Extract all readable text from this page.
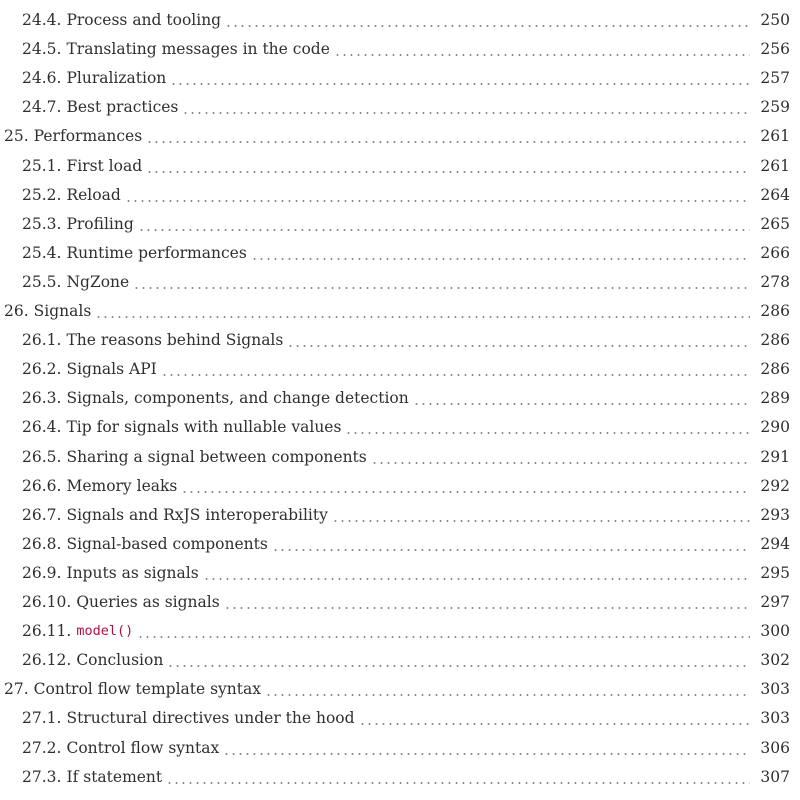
24.4. Process and tooling	250
24.5. Translating messages in the code	256
24.6. Pluralization	257
24.7. Best practices	259
25. Performances	261
25.1. First load	261
25.2. Reload	264
25.3. Profiling	265
25.4. Runtime performances	266
25.5. NgZone	278
26. Signals	286
26.1. The reasons behind Signals	286
26.2. Signals API	286
26.3. Signals, components, and change detection	289
26.4. Tip for signals with nullable values	290
26.5. Sharing a signal between components	291
26.6. Memory leaks	292
26.7. Signals and RxJS interoperability	293
26.8. Signal-based components	294
26.9. Inputs as signals	295
26.10. Queries as signals	297
26.11. model()	300
26.12. Conclusion	302
27. Control flow template syntax	303
27.1. Structural directives under the hood	303
27.2. Control flow syntax	306
27.3. If statement	307
